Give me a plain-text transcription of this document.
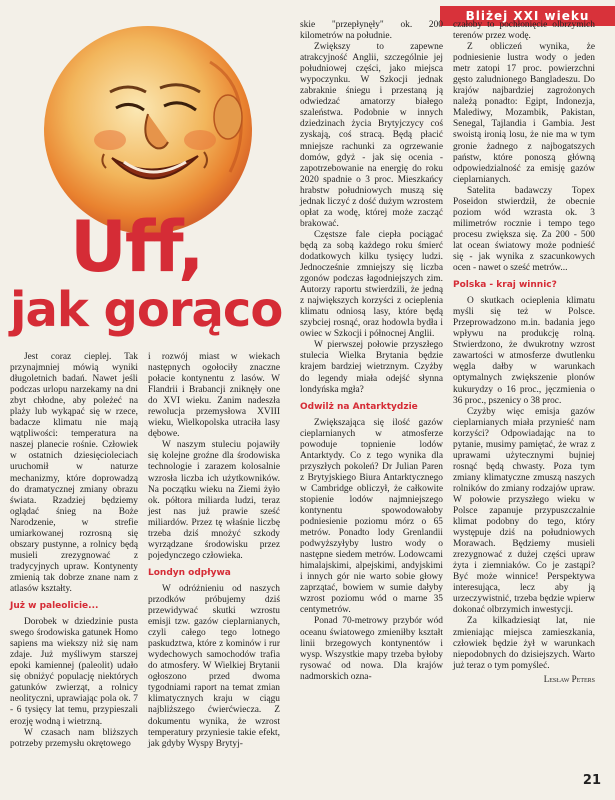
Bliżej XXI wieku
Uff,
jak gorąco

Jest coraz cieplej. Tak przynajmniej mówią wyniki długoletnich badań. Nawet jeśli podczas urlopu narzekamy na dni zbyt chłodne, aby poleżeć na plaży lub wykąpać się w rzece, badacze klimatu nie mają wątpliwości: temperatura na naszej planecie rośnie. Człowiek w ostatnich dziesięcioleciach uruchomił w naturze mechanizmy, które doprowadzą do dramatycznej zmiany obrazu świata. Rzadziej będziemy oglądać śnieg na Boże Narodzenie, w strefie umiarkowanej rozrosną się obszary pustynne, a rolnicy będą musieli zrezygnować z tradycyjnych upraw. Kontynenty zmienią tak dobrze znane nam z atlasów kształty.

Już w paleolicie...

Dorobek w dziedzinie pusta swego środowiska gatunek Homo sapiens ma wiekszy niż się nam zdaje. Już myśliwym starszej epoki kamiennej (paleolit) udało się obniżyć populację niektórych gatunków zwierząt, a rolnicy neolityczni, uprawiając pola ok. 7 - 6 tysięcy lat temu, przypieszali erozję wodną i wietrzną.

W czasach nam bliższych potrzeby przemysłu okrętowego

i rozwój miast w wiekach następnych ogołociły znaczne połacie kontynentu z lasów. W Flandrii i Brabancji zniknęły one do XVI wieku. Zanim nadeszła rewolucja przemysłowa XVIII wieku, Wielkopolska utraciła lasy dębowe.

W naszym stuleciu pojawiły się kolejne groźne dla środowiska technologie i zarazem kolosalnie wzrosła liczba ich użytkowników. Na początku wieku na Ziemi żyło ok. półtora miliarda ludzi, teraz jest nas już prawie sześć miliardów. Przez tę właśnie liczbę trzeba dziś mnożyć szkody wyrządzane środowisku przez pojedynczego człowieka.

Londyn odpływa

W odróżnieniu od naszych przodków próbujemy dziś przewidywać skutki wzrostu emisji tzw. gazów cieplarnianych, czyli całego tego lotnego paskudztwa, które z kominów i rur wydechowych samochodów trafia do atmosfery. W Wielkiej Brytanii ogłoszono przed dwoma tygodniami raport na temat zmian klimatycznych kraju w ciągu najbliższego ćwierćwiecza. Z dokumentu wynika, że wzrost temperatury przyniesie takie efekt, jak gdyby Wyspy Brytyj-

skie "przepłynęły" ok. 200 kilometrów na południe.

Zwiększy to zapewne atrakcyjność Anglii, szczególnie jej południowej części, jako miejsca wypoczynku. W Szkocji jednak zabraknie śniegu i przestaną ją odwiedzać amatorzy białego szaleństwa. Podobnie w innych dziedzinach życia Brytyjczycy coś zyskają, coś stracą. Będą płacić mniejsze rachunki za ogrzewanie domów, gdyż - jak się ocenia - zapotrzebowanie na energię do roku 2020 spadnie o 3 proc. Mieszkańcy hrabstw południowych muszą się jednak liczyć z dość dużym wzrostem opłat za wodę, której może zacząć brakować.

Częstsze fale ciepła pociągać będą za sobą każdego roku śmierć dodatkowych kilku tysięcy ludzi. Jednocześnie zmniejszy się liczba zgonów podczas łagodniejszych zim. Autorzy raportu stwierdzili, że jedną z największych korzyści z ocieplenia klimatu odniosą lasy, które będą szybciej rosnąć, oraz hodowla bydła i owiec w Szkocji i północnej Anglii.

W pierwszej połowie przyszłego stulecia Wielka Brytania będzie krajem bardziej wietrznym. Czyżby do legendy miała odejść słynna londyńska mgła?

Odwilż na Antarktydzie

Zwiększająca się ilość gazów cieplarnianych w atmosferze powoduje topnienie lodów Antarktydy. Co z tego wynika dla przyszłych pokoleń? Dr Julian Paren z Brytyjskiego Biura Antarktycznego w Cambridge obliczył, że całkowite stopienie lodów najmniejszego kontynentu spowodowałoby podniesienie poziomu mórz o 65 metrów. Ponadto lody Grenlandii podwyższyłyby lustro wody o następne siedem metrów. Lodowcami himalajskimi, alpejskimi, andyjskimi i innych gór nie warto sobie głowy zaprzątać, bowiem w sumie dałyby wzrost poziomu wód o marne 35 centymetrów.

Ponad 70-metrowy przybór wód oceanu światowego zmieniłby kształt linii brzegowych kontynentów i wysp. Wszystkie mapy trzeba byłoby rysować od nowa. Dla krajów nadmorskich ozna-

czałoby to pochłonięcie olbrzymich terenów przez wodę.

Z obliczeń wynika, że podniesienie lustra wody o jeden metr zatopi 17 proc. powierzchni gęsto zaludnionego Bangladeszu. Do krajów najbardziej zagrożonych należą ponadto: Egipt, Indonezja, Malediwy, Mozambik, Pakistan, Senegal, Tajlandia i Gambia. Jest swoistą ironią losu, że nie ma w tym gronie żadnego z najbogatszych państw, które ponoszą główną odpowiedzialność za emisję gazów cieplarnianych.

Satelita badawczy Topex Poseidon stwierdził, że obecnie poziom wód wzrasta ok. 3 milimetrów rocznie i tempo tego procesu zwiększa się. Za 200 - 500 lat ocean światowy może podnieść się - jak wynika z szacunkowych ocen - nawet o sześć metrów...

Polska - kraj winnic?

O skutkach ocieplenia klimatu myśli się też w Polsce. Przeprowadzono m.in. badania jego wpływu na produkcję rolną. Stwierdzono, że dwukrotny wzrost zawartości w atmosferze dwutlenku węgla dałby w warunkach optymalnych zwiększenie plonów kukurydzy o 16 proc., jęczmienia o 36 proc., pszenicy o 38 proc.

Czyżby więc emisja gazów cieplarnianych miała przynieść nam korzyści? Odpowiadając na to pytanie, musimy pamiętać, że wraz z uprawami użytecznymi bujniej rosnąć będą chwasty. Poza tym zmiany klimatyczne zmuszą naszych rolników do zmiany rodzajów upraw. W połowie przyszłego wieku w Polsce zapanuje przypuszczalnie klimat podobny do tego, który występuje dziś na południowych Morawach. Będziemy musieli zrezygnować z dużej części upraw żyta i ziemniaków. Co je zastąpi? Być może winnice! Perspektywa interesująca, lecz aby ją urzeczywistnić, trzeba będzie wpierw dokonać olbrzymich inwestycji.

Za kilkadziesiąt lat, nie zmieniając miejsca zamieszkania, człowiek będzie żył w warunkach niepodobnych do dzisiejszych. Warto już teraz o tym pomyśleć.

Lesław Peters
21
